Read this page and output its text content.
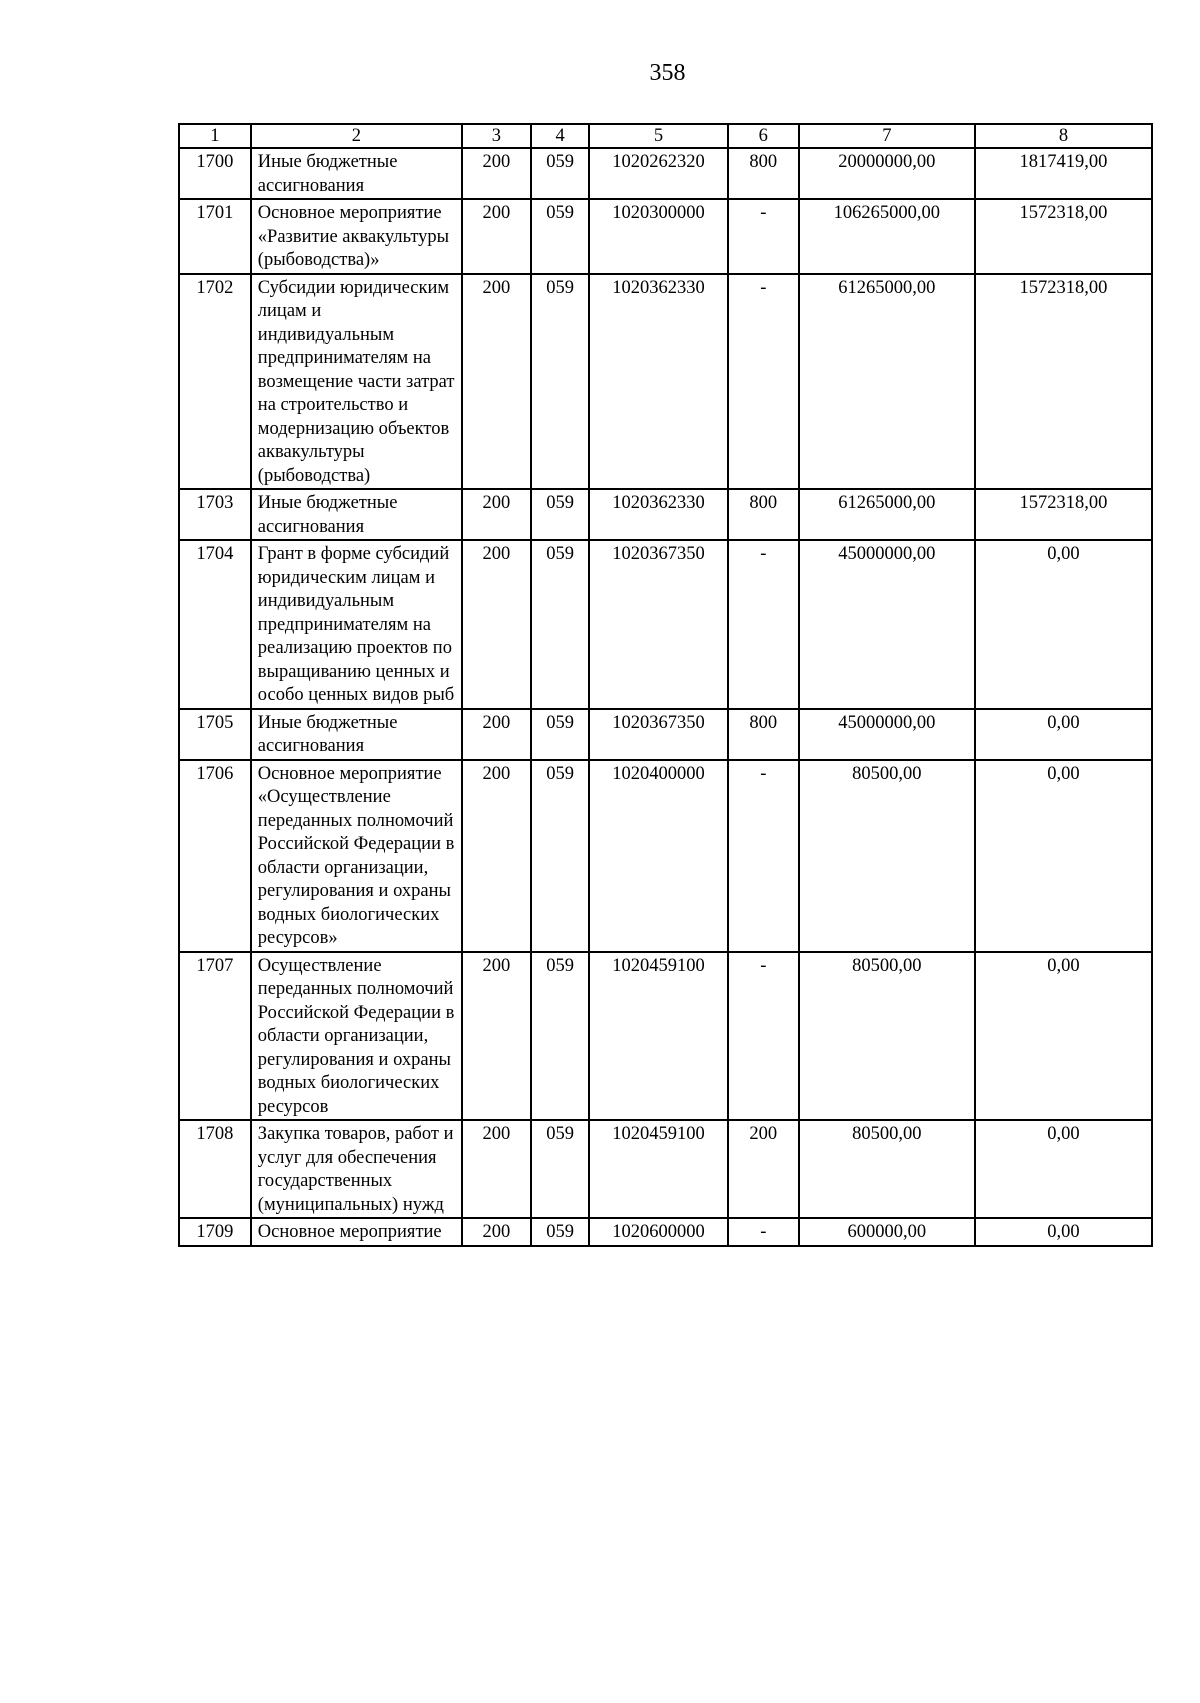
358
1	2	3	4	5	6	7	8
1700	Иные бюджетные ассигнования	200	059	1020262320	800	20000000,00	1817419,00
1701	Основное мероприятие «Развитие аквакультуры (рыбоводства)»	200	059	1020300000	-	106265000,00	1572318,00
1702	Субсидии юридическим лицам и индивидуальным предпринимателям на возмещение части затрат на строительство и модернизацию объектов аквакультуры (рыбоводства)	200	059	1020362330	-	61265000,00	1572318,00
1703	Иные бюджетные ассигнования	200	059	1020362330	800	61265000,00	1572318,00
1704	Грант в форме субсидий юридическим лицам и индивидуальным предпринимателям на реализацию проектов по выращиванию ценных и особо ценных видов рыб	200	059	1020367350	-	45000000,00	0,00
1705	Иные бюджетные ассигнования	200	059	1020367350	800	45000000,00	0,00
1706	Основное мероприятие «Осуществление переданных полномочий Российской Федерации в области организации, регулирования и охраны водных биологических ресурсов»	200	059	1020400000	-	80500,00	0,00
1707	Осуществление переданных полномочий Российской Федерации в области организации, регулирования и охраны водных биологических ресурсов	200	059	1020459100	-	80500,00	0,00
1708	Закупка товаров, работ и услуг для обеспечения государственных (муниципальных) нужд	200	059	1020459100	200	80500,00	0,00
1709	Основное мероприятие	200	059	1020600000	-	600000,00	0,00
